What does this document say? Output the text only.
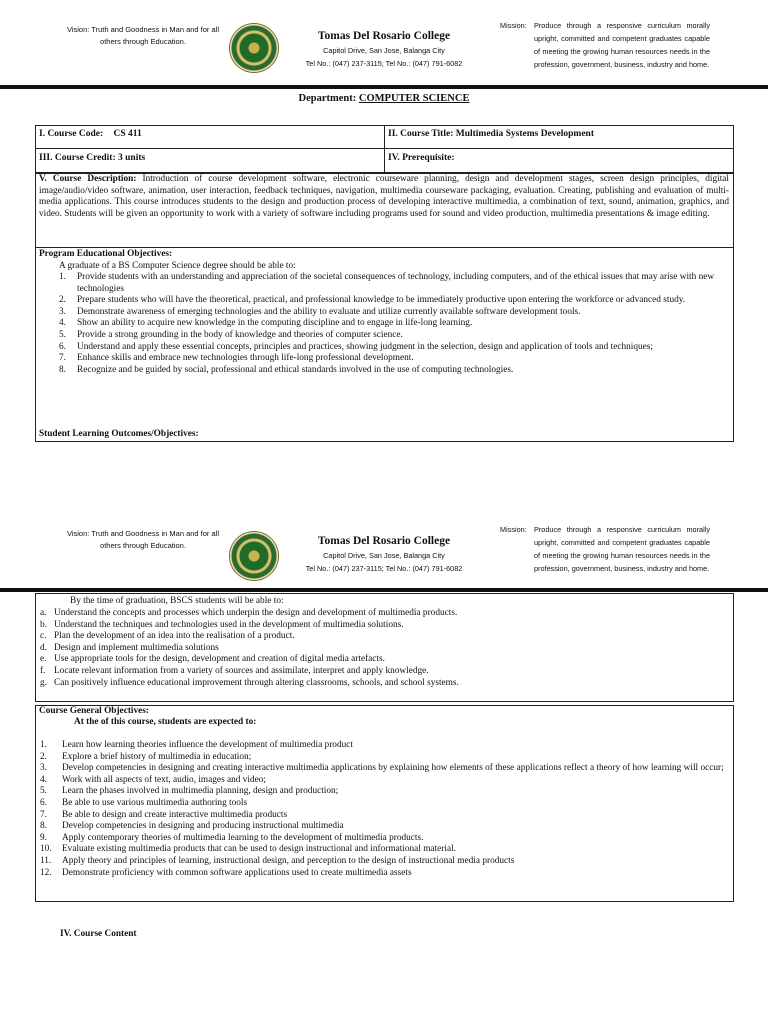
Vision: Truth and Goodness in Man and for all others through Education.	Tomas Del Rosario College
Capitol Drive, San Jose, Balanga City
Tel No.: (047) 237-3115; Tel No.: (047) 791-6082
Mission: Produce through a responsive curriculum morally upright, committed and competent graduates capable of meeting the growing human resources needs in the profession, government, business, industry and home.
Department: COMPUTER SCIENCE
I. Course Code: CS 411	II. Course Title: Multimedia Systems Development
III. Course Credit: 3 units	IV. Prerequisite:
V. Course Description: Introduction of course development software, electronic courseware planning, design and development stages, screen design principles, digital image/audio/video software, animation, user interaction, feedback techniques, navigation, multimedia courseware packaging, evaluation. Creating, publishing and evaluation of multi-media applications. This course introduces students to the design and production process of developing interactive multimedia, a combination of text, sound, animation, graphics, and video. Students will be given an opportunity to work with a variety of software including programs used for sound and video production, multimedia presentations & image editing.
Program Educational Objectives:
A graduate of a BS Computer Science degree should be able to:
1. Provide students with an understanding and appreciation of the societal consequences of technology, including computers, and of the ethical issues that may arise with new technologies
2. Prepare students who will have the theoretical, practical, and professional knowledge to be immediately productive upon entering the workforce or advanced study.
3. Demonstrate awareness of emerging technologies and the ability to evaluate and utilize currently available software development tools.
4. Show an ability to acquire new knowledge in the computing discipline and to engage in life-long learning.
5. Provide a strong grounding in the body of knowledge and theories of computer science.
6. Understand and apply these essential concepts, principles and practices, showing judgment in the selection, design and application of tools and techniques;
7. Enhance skills and embrace new technologies through life-long professional development.
8. Recognize and be guided by social, professional and ethical standards involved in the use of computing technologies.
Student Learning Outcomes/Objectives:
Vision: Truth and Goodness in Man and for all others through Education.	Tomas Del Rosario College
Capitol Drive, San Jose, Balanga City
Tel No.: (047) 237-3115; Tel No.: (047) 791-6082
Mission: Produce through a responsive curriculum morally upright, committed and competent graduates capable of meeting the growing human resources needs in the profession, government, business, industry and home.
By the time of graduation, BSCS students will be able to:
a. Understand the concepts and processes which underpin the design and development of multimedia products.
b. Understand the techniques and technologies used in the development of multimedia solutions.
c. Plan the development of an idea into the realisation of a product.
d. Design and implement multimedia solutions
e. Use appropriate tools for the design, development and creation of digital media artefacts.
f. Locate relevant information from a variety of sources and assimilate, interpret and apply knowledge.
g. Can positively influence educational improvement through altering classrooms, schools, and school systems.
Course General Objectives:
At the of this course, students are expected to:
1. Learn how learning theories influence the development of multimedia product
2. Explore a brief history of multimedia in education;
3. Develop competencies in designing and creating interactive multimedia applications by explaining how elements of these applications reflect a theory of how learning will occur;
4. Work with all aspects of text, audio, images and video;
5. Learn the phases involved in multimedia planning, design and production;
6. Be able to use various multimedia authoring tools
7. Be able to design and create interactive multimedia products
8. Develop competencies in designing and producing instructional multimedia
9. Apply contemporary theories of multimedia learning to the development of multimedia products.
10. Evaluate existing multimedia products that can be used to design instructional and informational material.
11. Apply theory and principles of learning, instructional design, and perception to the design of instructional media products
12. Demonstrate proficiency with common software applications used to create multimedia assets
IV. Course Content
